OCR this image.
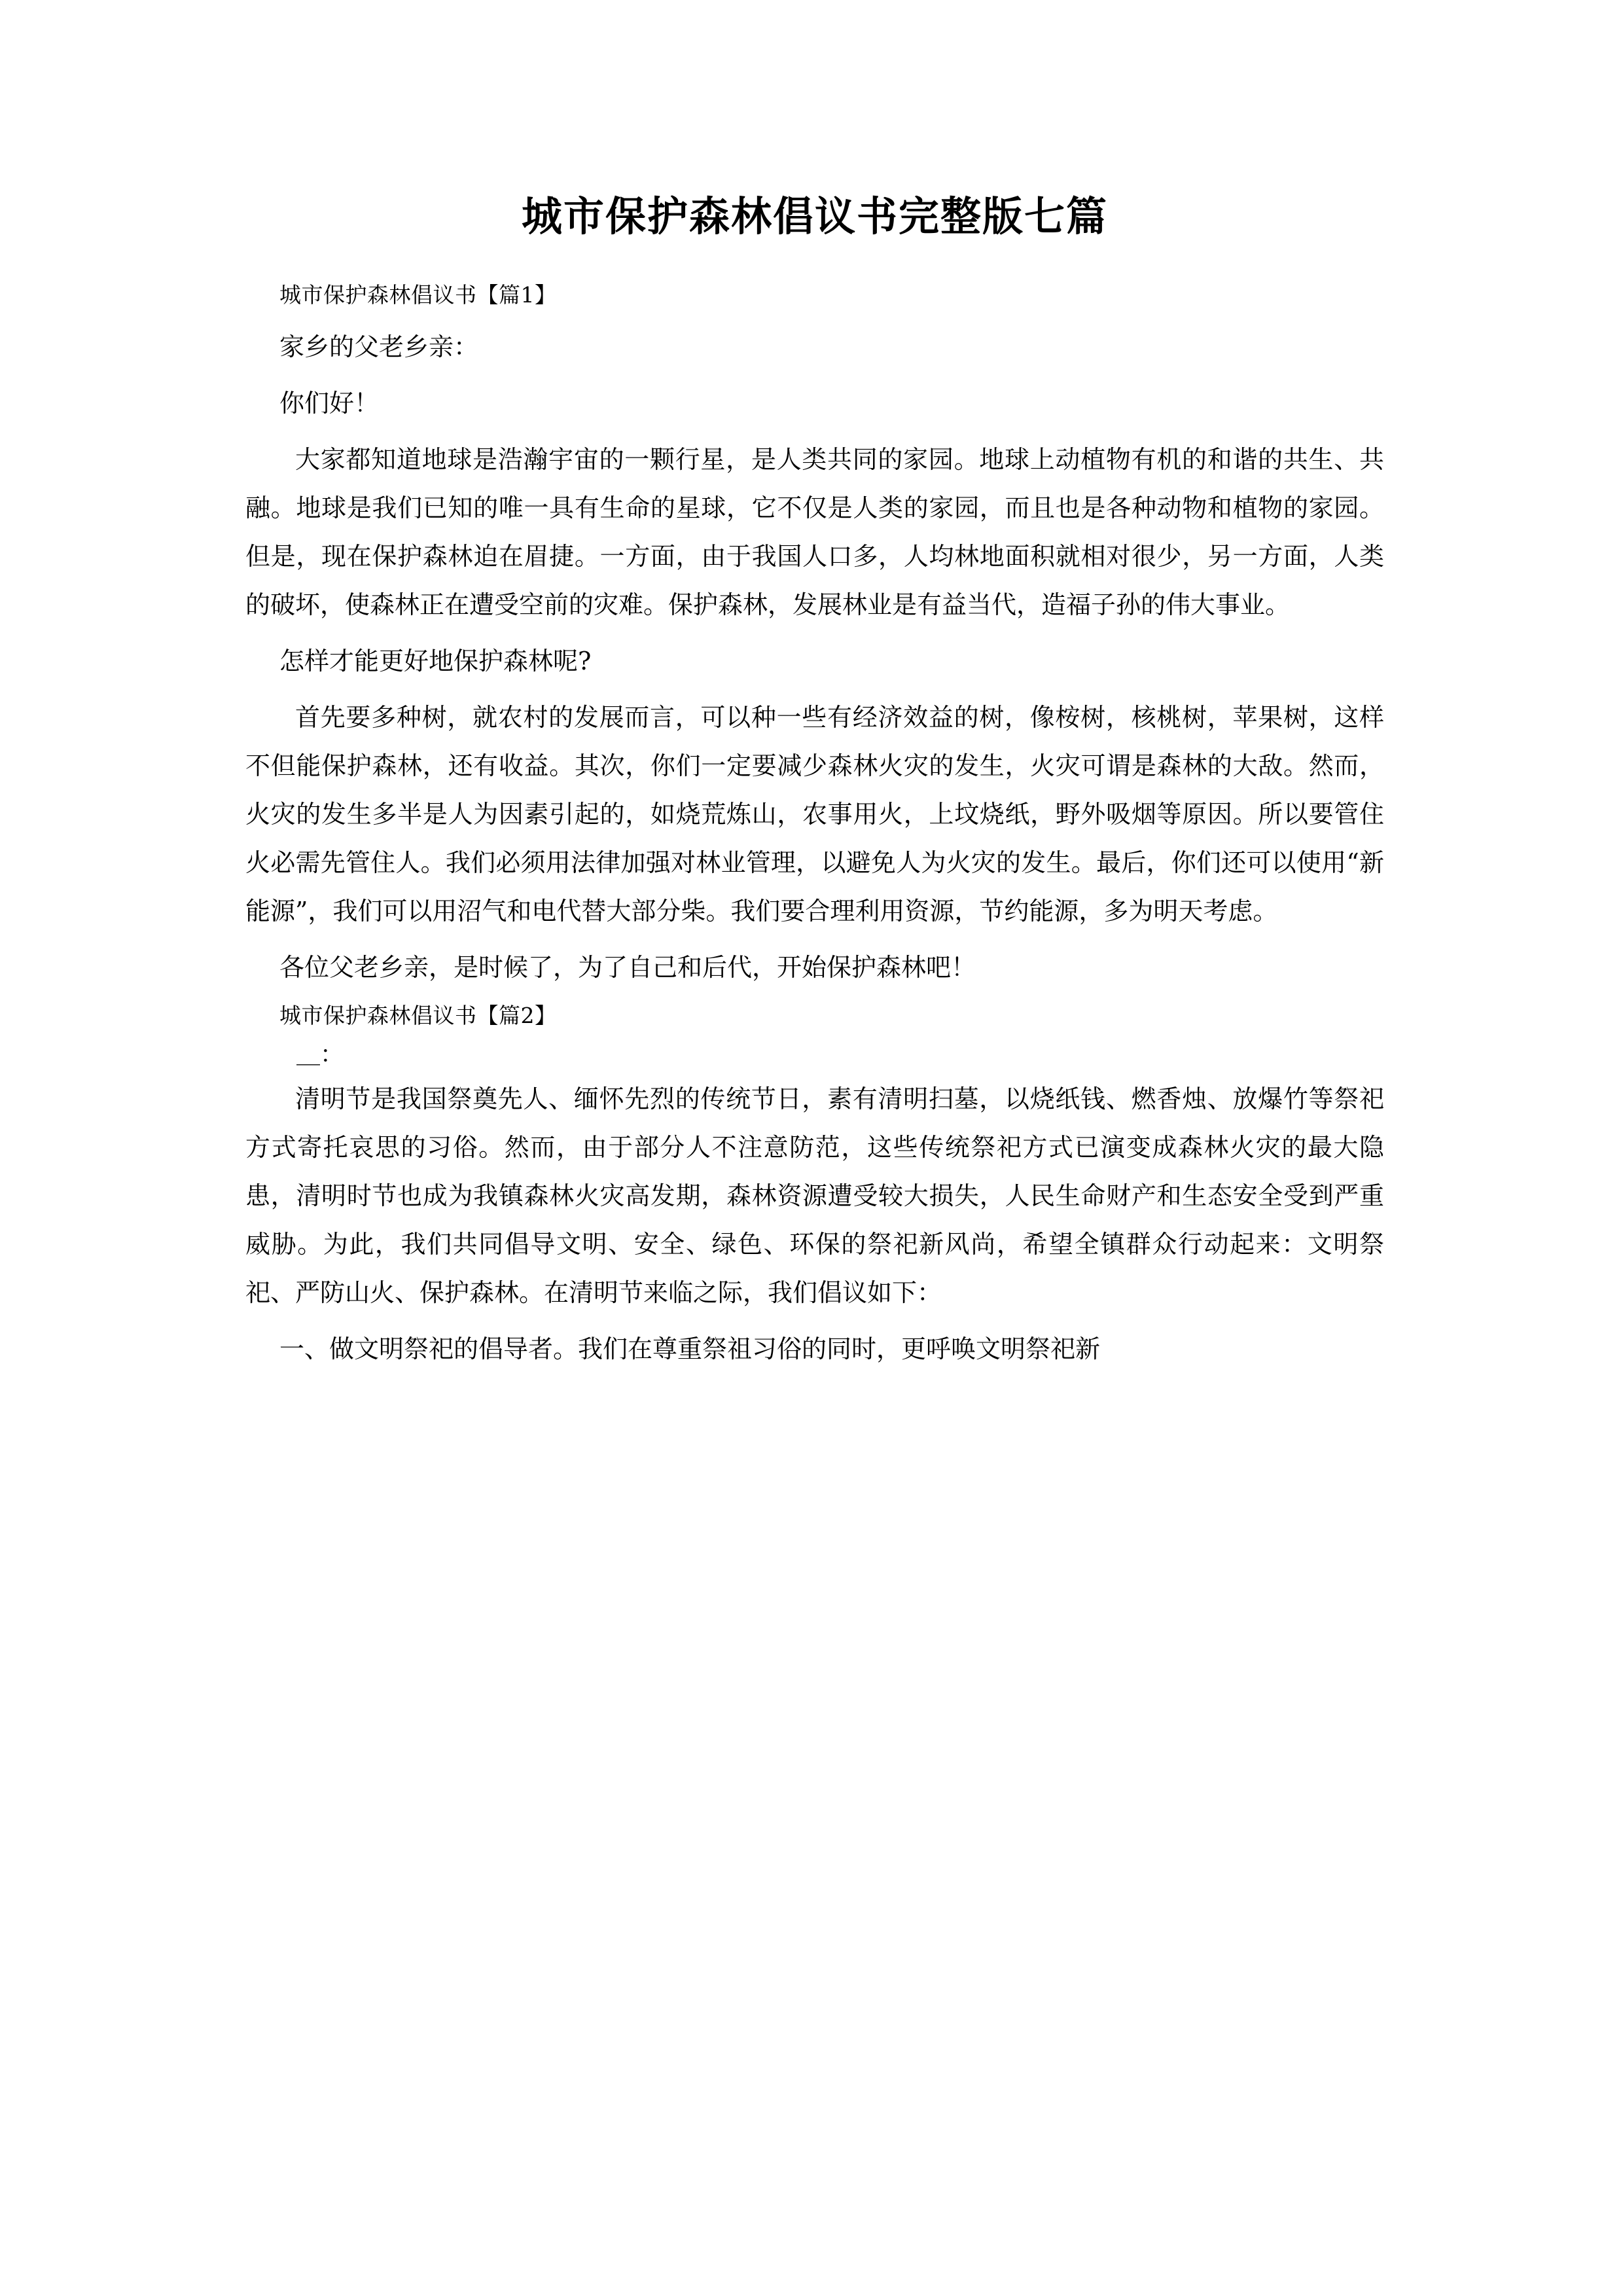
城市保护森林倡议书完整版七篇

城市保护森林倡议书【篇1】

家乡的父老乡亲：

你们好！

大家都知道地球是浩瀚宇宙的一颗行星，是人类共同的家园。地球上动植物有机的和谐的共生、共融。地球是我们已知的唯一具有生命的星球，它不仅是人类的家园，而且也是各种动物和植物的家园。但是，现在保护森林迫在眉捷。一方面，由于我国人口多，人均林地面积就相对很少，另一方面，人类的破坏，使森林正在遭受空前的灾难。保护森林，发展林业是有益当代，造福子孙的伟大事业。

怎样才能更好地保护森林呢?

首先要多种树，就农村的发展而言，可以种一些有经济效益的树，像桉树，核桃树，苹果树，这样不但能保护森林，还有收益。其次，你们一定要减少森林火灾的发生，火灾可谓是森林的大敌。然而，火灾的发生多半是人为因素引起的，如烧荒炼山，农事用火，上坟烧纸，野外吸烟等原因。所以要管住火必需先管住人。我们必须用法律加强对林业管理，以避免人为火灾的发生。最后，你们还可以使用“新能源”，我们可以用沼气和电代替大部分柴。我们要合理利用资源，节约能源，多为明天考虑。

各位父老乡亲，是时候了，为了自己和后代，开始保护森林吧！

城市保护森林倡议书【篇2】

＿：

清明节是我国祭奠先人、缅怀先烈的传统节日，素有清明扫墓，以烧纸钱、燃香烛、放爆竹等祭祀方式寄托哀思的习俗。然而，由于部分人不注意防范，这些传统祭祀方式已演变成森林火灾的最大隐患，清明时节也成为我镇森林火灾高发期，森林资源遭受较大损失，人民生命财产和生态安全受到严重威胁。为此，我们共同倡导文明、安全、绿色、环保的祭祀新风尚，希望全镇群众行动起来：文明祭祀、严防山火、保护森林。在清明节来临之际，我们倡议如下：

一、做文明祭祀的倡导者。我们在尊重祭祖习俗的同时，更呼唤文明祭祀新
